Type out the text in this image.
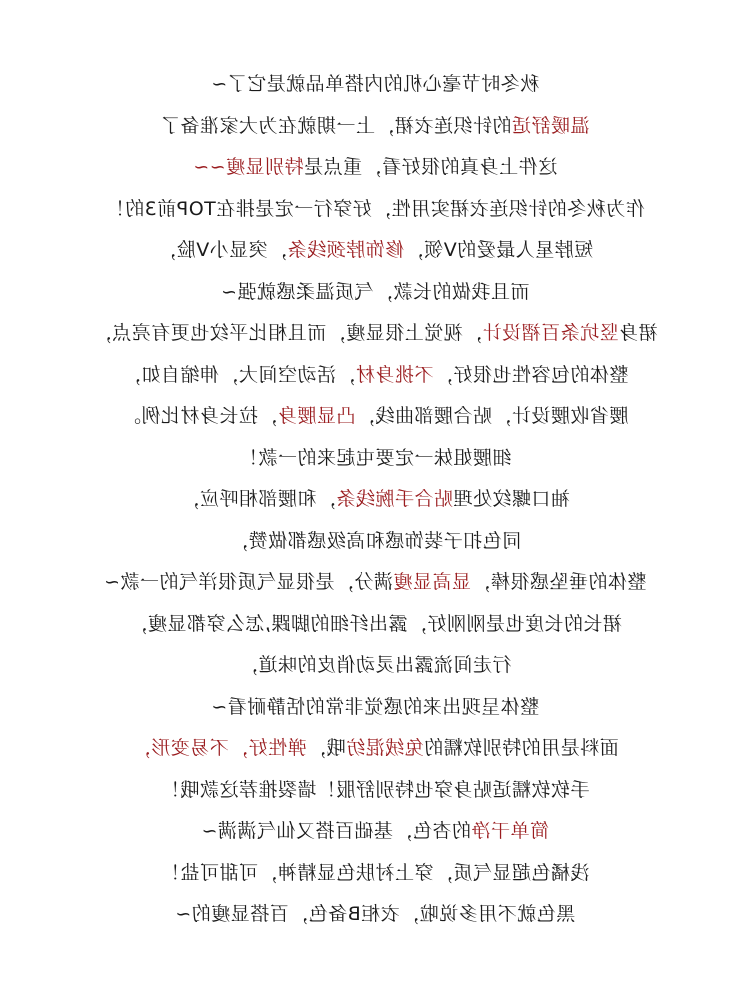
秋冬时节毫心机的内搭单品就是它了~
温暖舒适的针织连衣裙，上一期就在为大家准备了
这件上身真的很好看，重点是特别显瘦~~
作为秋冬的针织连衣裙实用性，好穿行一定是排在TOP前3的！
短脖星人最爱的V领，修饰脖颈线条，突显小V脸，
而且我做的长款，气质温柔感就强~
裙身竖坑条百褶设计，视觉上很显瘦，而且相比平纹也更有亮点，
整体的包容性也很好，不挑身材，活动空间大，伸缩自如，
腰省收腰设计，贴合腰部曲线，凸显腰身，拉长身材比例。
细腰姐妹一定要屯起来的一款！
袖口螺纹处理贴合手腕线条，和腰部相呼应，
同色扣子装饰感和高级感都做赞，
整体的垂坠感很棒，显高显瘦满分，是很显气质很洋气的一款~
裙长的长度也是刚刚好，露出纤细的脚踝,怎么穿都显瘦，
行走间流露出灵动俏皮的味道，
整体呈现出来的感觉非常的恬静耐看~
面料是用的特别软糯的兔绒混纺哦，弹性好，不易变形，
手软软糯适贴身穿也特别舒服！墙裂推荐这款哦！
简单干净的杏色，基础百搭又仙气满满~
浅橘色超显气质，穿上衬肤色显精神，可甜可盐！
黑色就不用多说啦，衣柜B备色，百搭显瘦的~
